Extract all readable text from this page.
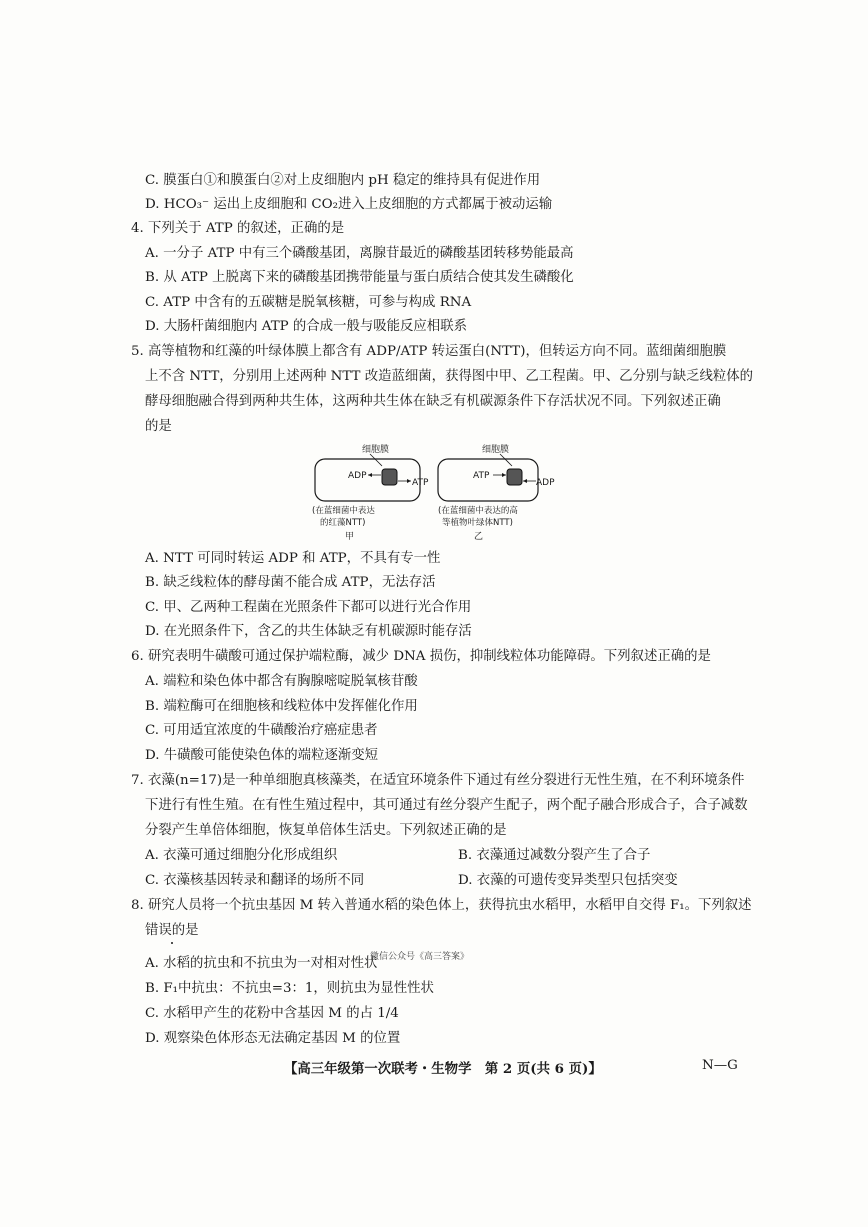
C. 膜蛋白①和膜蛋白②对上皮细胞内 pH 稳定的维持具有促进作用
D. HCO₃⁻ 运出上皮细胞和 CO₂进入上皮细胞的方式都属于被动运输
4. 下列关于 ATP 的叙述，正确的是
A. 一分子 ATP 中有三个磷酸基团，离腺苷最近的磷酸基团转移势能最高
B. 从 ATP 上脱离下来的磷酸基团携带能量与蛋白质结合使其发生磷酸化
C. ATP 中含有的五碳糖是脱氧核糖，可参与构成 RNA
D. 大肠杆菌细胞内 ATP 的合成一般与吸能反应相联系
5. 高等植物和红藻的叶绿体膜上都含有 ADP/ATP 转运蛋白(NTT)，但转运方向不同。蓝细菌细胞膜
上不含 NTT，分别用上述两种 NTT 改造蓝细菌，获得图中甲、乙工程菌。甲、乙分别与缺乏线粒体的
酵母细胞融合得到两种共生体，这两种共生体在缺乏有机碳源条件下存活状况不同。下列叙述正确
的是
细胞膜
ADP
ATP
(在蓝细菌中表达
的红藻NTT)
甲
细胞膜
ATP
ADP
(在蓝细菌中表达的高
等植物叶绿体NTT)
乙
A. NTT 可同时转运 ADP 和 ATP，不具有专一性
B. 缺乏线粒体的酵母菌不能合成 ATP，无法存活
C. 甲、乙两种工程菌在光照条件下都可以进行光合作用
D. 在光照条件下，含乙的共生体缺乏有机碳源时能存活
6. 研究表明牛磺酸可通过保护端粒酶，减少 DNA 损伤，抑制线粒体功能障碍。下列叙述正确的是
A. 端粒和染色体中都含有胸腺嘧啶脱氧核苷酸
B. 端粒酶可在细胞核和线粒体中发挥催化作用
C. 可用适宜浓度的牛磺酸治疗癌症患者
D. 牛磺酸可能使染色体的端粒逐渐变短
7. 衣藻(n=17)是一种单细胞真核藻类，在适宜环境条件下通过有丝分裂进行无性生殖，在不利环境条件
下进行有性生殖。在有性生殖过程中，其可通过有丝分裂产生配子，两个配子融合形成合子，合子减数
分裂产生单倍体细胞，恢复单倍体生活史。下列叙述正确的是
A. 衣藻可通过细胞分化形成组织	B. 衣藻通过减数分裂产生了合子
C. 衣藻核基因转录和翻译的场所不同	D. 衣藻的可遗传变异类型只包括突变
8. 研究人员将一个抗虫基因 M 转入普通水稻的染色体上，获得抗虫水稻甲，水稻甲自交得 F₁。下列叙述
错误的是
微信公众号《高三答案》
A. 水稻的抗虫和不抗虫为一对相对性状
B. F₁中抗虫：不抗虫=3：1，则抗虫为显性性状
C. 水稻甲产生的花粉中含基因 M 的占 1/4
D. 观察染色体形态无法确定基因 M 的位置
【高三年级第一次联考・生物学　第 2 页(共 6 页)】	N—G
